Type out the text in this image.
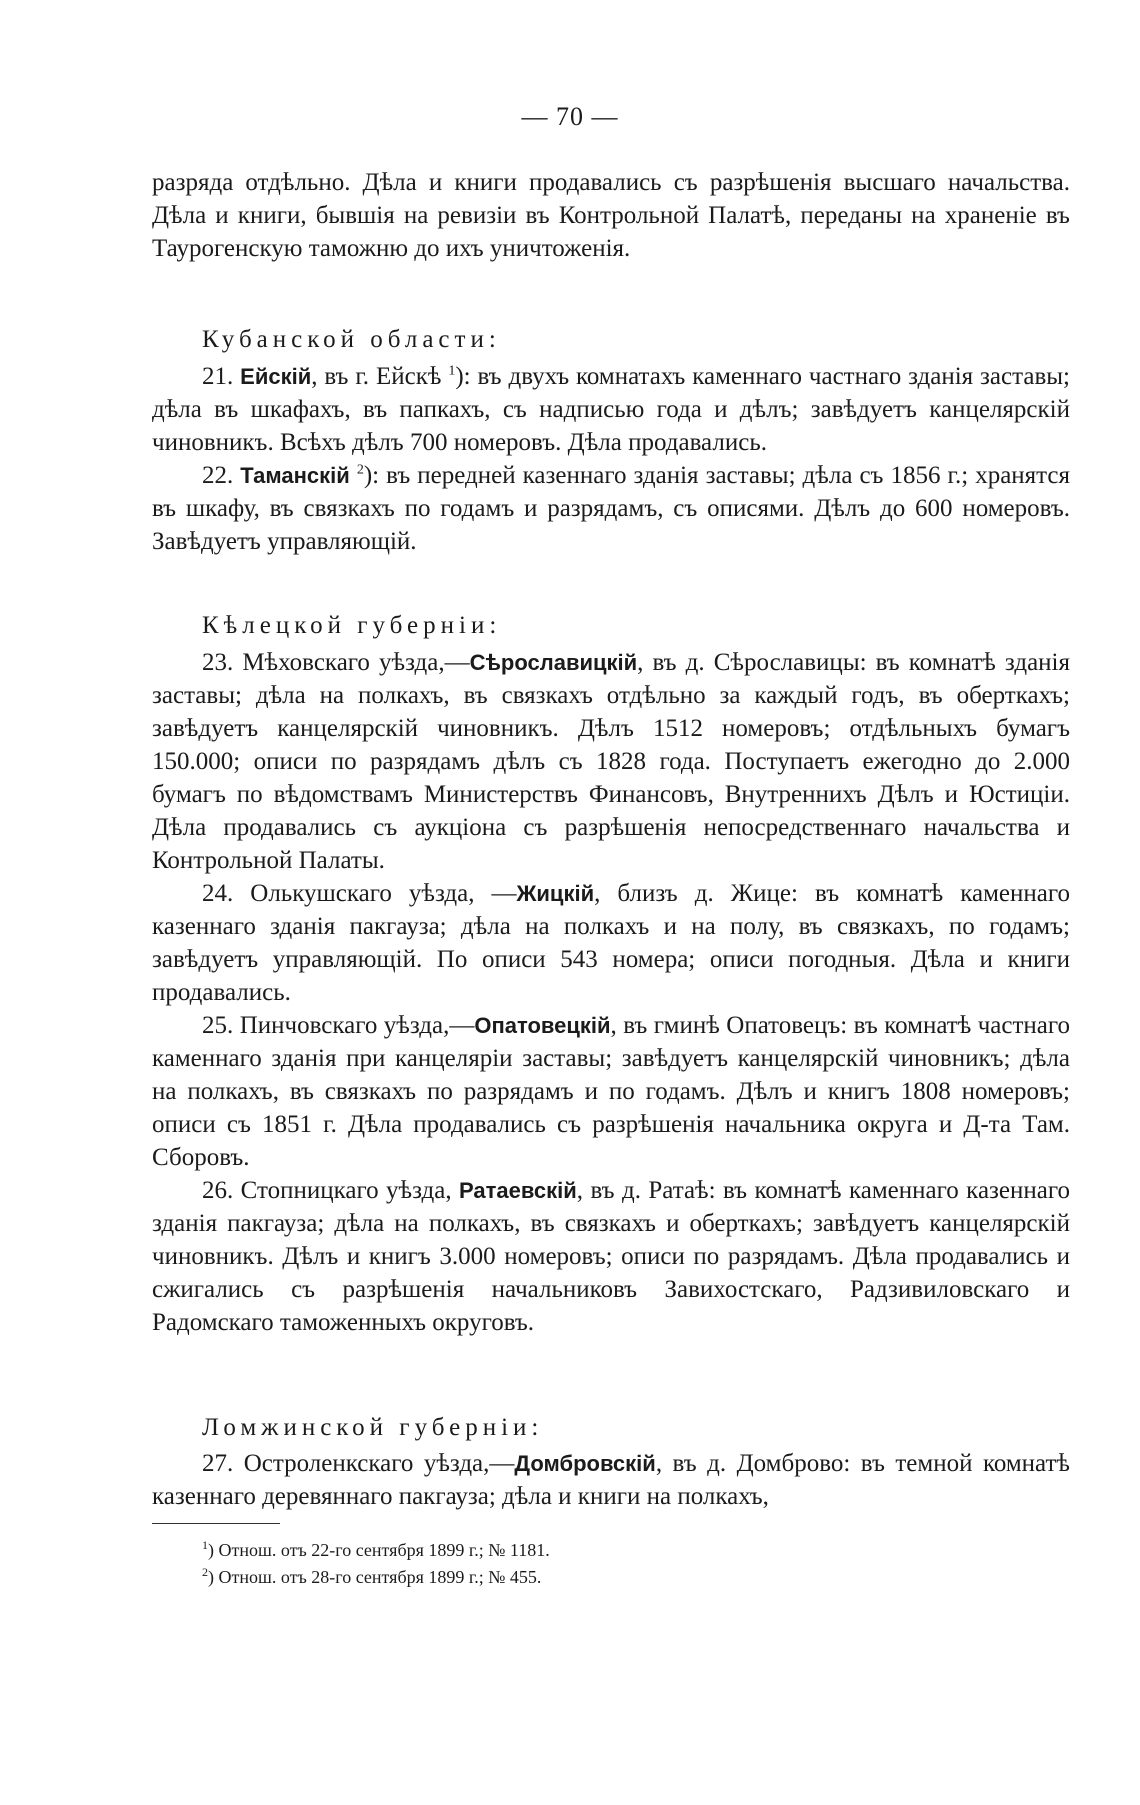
— 70 —

разряда отдѣльно. Дѣла и книги продавались съ разрѣшенія высшаго начальства. Дѣла и книги, бывшія на ревизіи въ Контрольной Палатѣ, переданы на храненіе въ Таурогенскую таможню до ихъ уничтоженія.

Кубанской области:

21. Ейскій, въ г. Ейскѣ $^1$): въ двухъ комнатахъ каменнаго частнаго зданія заставы; дѣла въ шкафахъ, въ папкахъ, съ надписью года и дѣлъ; завѣдуетъ канцелярскій чиновникъ. Всѣхъ дѣлъ 700 номеровъ. Дѣла продавались.

22. Таманскій $^2$): въ передней казеннаго зданія заставы; дѣла съ 1856 г.; хранятся въ шкафу, въ связкахъ по годамъ и разрядамъ, съ описями. Дѣлъ до 600 номеровъ. Завѣдуетъ управляющій.

Кѣлецкой губерніи:

23. Мѣховскаго уѣзда,—Сѣрославицкій, въ д. Сѣрославицы: въ комнатѣ зданія заставы; дѣла на полкахъ, въ связкахъ отдѣльно за каждый годъ, въ оберткахъ; завѣдуетъ канцелярскій чиновникъ. Дѣлъ 1512 номеровъ; отдѣльныхъ бумагъ 150.000; описи по разрядамъ дѣлъ съ 1828 года. Поступаетъ ежегодно до 2.000 бумагъ по вѣдомствамъ Министерствъ Финансовъ, Внутреннихъ Дѣлъ и Юстиціи. Дѣла продавались съ аукціона съ разрѣшенія непосредственнаго начальства и Контрольной Палаты.

24. Олькушскаго уѣзда, —Жицкій, близъ д. Жице: въ комнатѣ каменнаго казеннаго зданія пакгауза; дѣла на полкахъ и на полу, въ связкахъ, по годамъ; завѣдуетъ управляющій. По описи 543 номера; описи погодныя. Дѣла и книги продавались.

25. Пинчовскаго уѣзда,—Опатовецкій, въ гминѣ Опатовецъ: въ комнатѣ частнаго каменнаго зданія при канцеляріи заставы; завѣдуетъ канцелярскій чиновникъ; дѣла на полкахъ, въ связкахъ по разрядамъ и по годамъ. Дѣлъ и книгъ 1808 номеровъ; описи съ 1851 г. Дѣла продавались съ разрѣшенія начальника округа и Д-та Там. Сборовъ.

26. Стопницкаго уѣзда, Ратаевскій, въ д. Ратаѣ: въ комнатѣ каменнаго казеннаго зданія пакгауза; дѣла на полкахъ, въ связкахъ и оберткахъ; завѣдуетъ канцелярскій чиновникъ. Дѣлъ и книгъ 3.000 номеровъ; описи по разрядамъ. Дѣла продавались и сжигались съ разрѣшенія начальниковъ Завихостскаго, Радзивиловскаго и Радомскаго таможенныхъ округовъ.

Ломжинской губерніи:

27. Остроленкскаго уѣзда,—Домбровскій, въ д. Домброво: въ темной комнатѣ казеннаго деревяннаго пакгауза; дѣла и книги на полкахъ,

$^1$) Отнош. отъ 22-го сентября 1899 г.; № 1181.
$^2$) Отнош. отъ 28-го сентября 1899 г.; № 455.
